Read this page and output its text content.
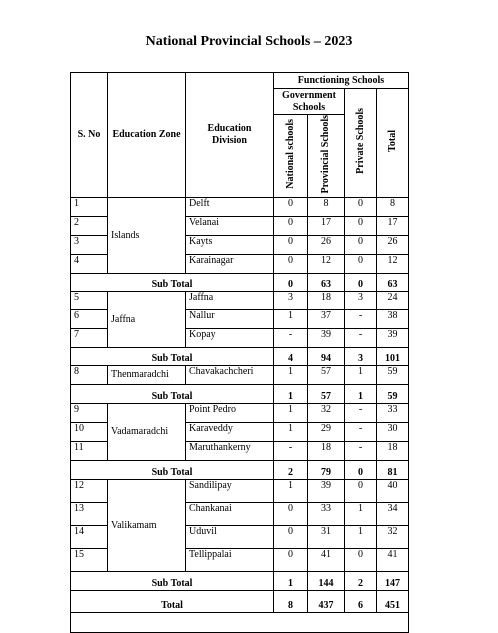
National Provincial Schools – 2023
S. No	Education Zone	Education Division	Functioning Schools			
			Government Schools		Private Schools	Total
			National schools	Provincial Schools		
1	Islands	Delft	0	8	0	8
2		Velanai	0	17	0	17
3		Kayts	0	26	0	26
4		Karainagar	0	12	0	12
Sub Total			0	63	0	63
5	Jaffna	Jaffna	3	18	3	24
6		Nallur	1	37	-	38
7		Kopay	-	39	-	39
Sub Total			4	94	3	101
8	Thenmaradchi	Chavakachcheri	1	57	1	59
Sub Total			1	57	1	59
9	Vadamaradchi	Point Pedro	1	32	-	33
10		Karaveddy	1	29	-	30
11		Maruthankerny	-	18	-	18
Sub Total			2	79	0	81
12	Valikamam	Sandilipay	1	39	0	40
13		Chankanai	0	33	1	34
14		Uduvil	0	31	1	32
15		Tellippalai	0	41	0	41
Sub Total			1	144	2	147
Total			8	437	6	451
